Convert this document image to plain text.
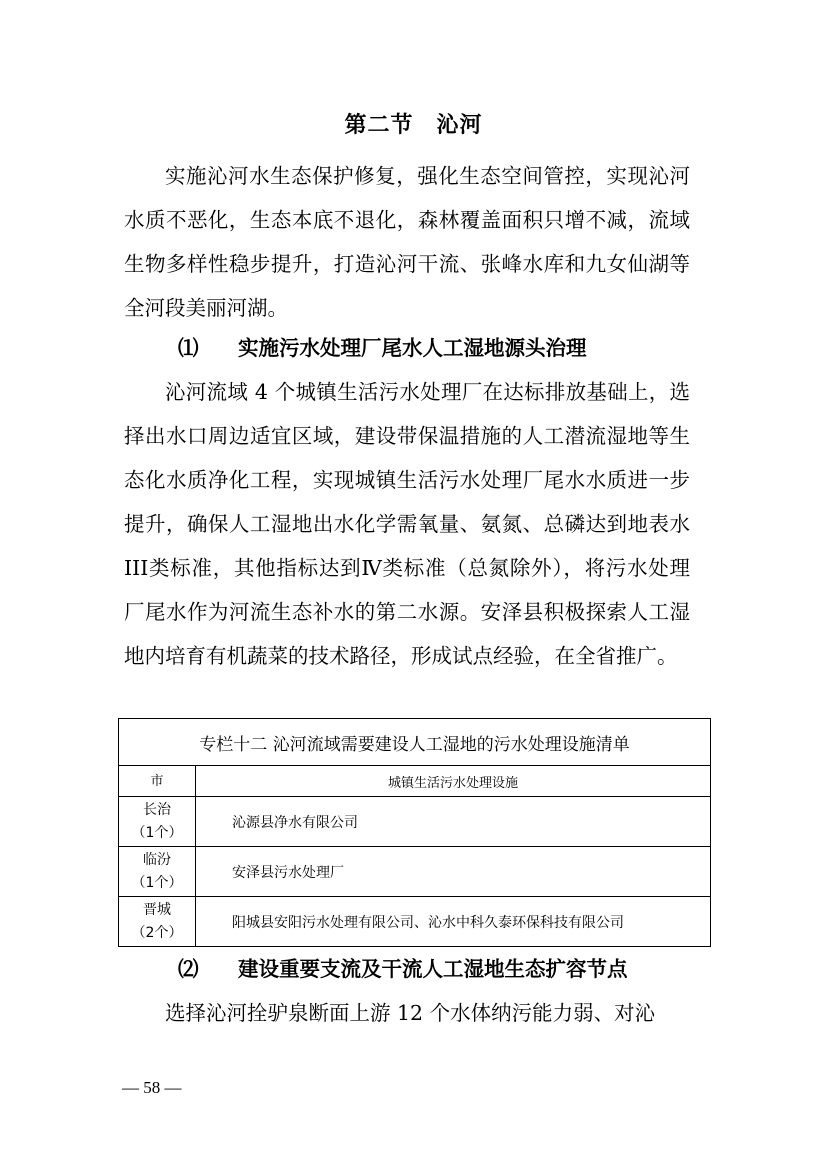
第二节　沁河

实施沁河水生态保护修复，强化生态空间管控，实现沁河水质不恶化，生态本底不退化，森林覆盖面积只增不减，流域生物多样性稳步提升，打造沁河干流、张峰水库和九女仙湖等全河段美丽河湖。

⑴ 实施污水处理厂尾水人工湿地源头治理

沁河流域 4 个城镇生活污水处理厂在达标排放基础上，选择出水口周边适宜区域，建设带保温措施的人工潜流湿地等生态化水质净化工程，实现城镇生活污水处理厂尾水水质进一步提升，确保人工湿地出水化学需氧量、氨氮、总磷达到地表水III类标准，其他指标达到Ⅳ类标准（总氮除外），将污水处理厂尾水作为河流生态补水的第二水源。安泽县积极探索人工湿地内培育有机蔬菜的技术路径，形成试点经验，在全省推广。

专栏十二 沁河流域需要建设人工湿地的污水处理设施清单	
市	城镇生活污水处理设施

长治
（1个）	沁源县净水有限公司

临汾
（1个）	安泽县污水处理厂

晋城
（2个）	阳城县安阳污水处理有限公司、沁水中科久泰环保科技有限公司
⑵ 建设重要支流及干流人工湿地生态扩容节点

选择沁河拴驴泉断面上游 12 个水体纳污能力弱、对沁

— 58 —
